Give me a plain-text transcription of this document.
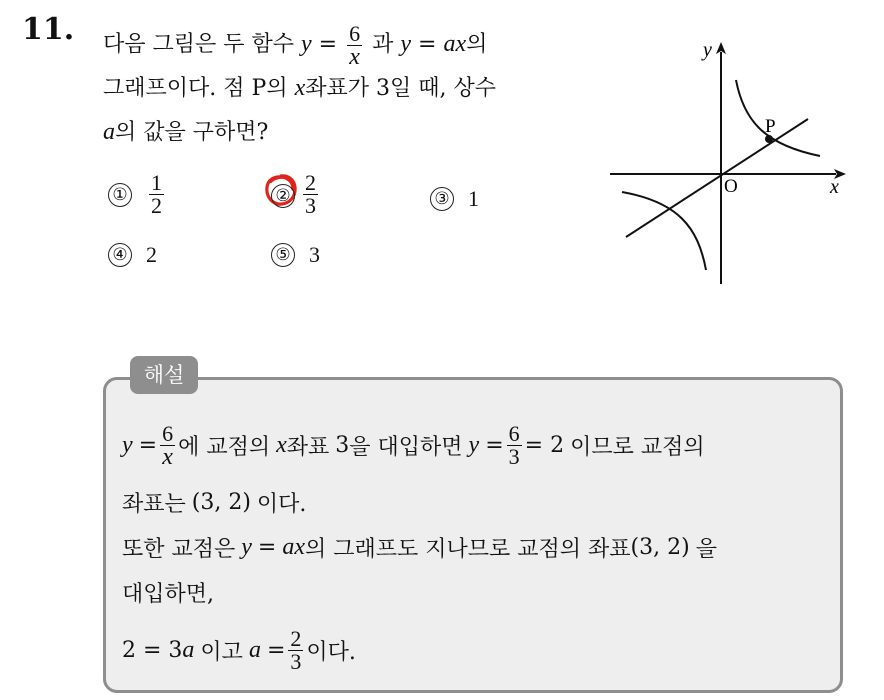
11. 다음 그림은 두 함수 $y = \frac{6}{x}$ 과 y = ax의
그래프이다. 점 P의 x좌표가 3일 때, 상수
a의 값을 구하면?
① $\frac{1}{2}$	② $\frac{2}{3}$	③ 1
④ 2	⑤ 3
P
O	x
y
해설
$y = \frac{6}{x}$ 에 교점의 x 좌표 3 을 대입하면 $y = \frac{6}{3} = 2$ 이므로 교점의
좌표는 (3, 2) 이다.
또한 교점은 y = ax 의 그래프도 지나므로 교점의 좌표 (3, 2) 을
대입하면,
2 = 3 a 이고 $a = \frac{2}{3}$ 이다.
